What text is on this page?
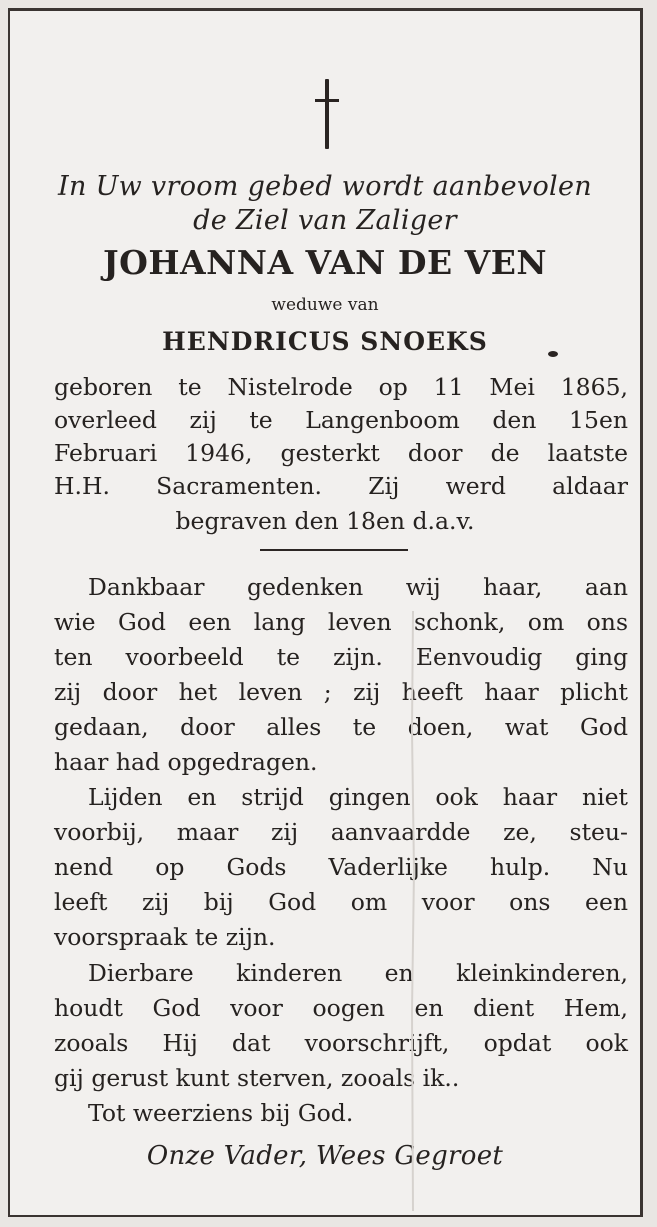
In Uw vroom gebed wordt aanbevolen
de Ziel van Zaliger
JOHANNA VAN DE VEN
weduwe van
HENDRICUS SNOEKS
geboren te Nistelrode op 11 Mei 1865,
overleed zij te Langenboom den 15en
Februari 1946, gesterkt door de laatste
H.H. Sacramenten. Zij werd aldaar
begraven den 18en d.a.v.
Dankbaar gedenken wij haar, aan
wie God een lang leven schonk, om ons
ten voorbeeld te zijn. Eenvoudig ging
zij door het leven ; zij heeft haar plicht
gedaan, door alles te doen, wat God
haar had opgedragen.
Lijden en strijd gingen ook haar niet
voorbij, maar zij aanvaardde ze, steu-
nend op Gods Vaderlijke hulp. Nu
leeft zij bij God om voor ons een
voorspraak te zijn.
Dierbare kinderen en kleinkinderen,
houdt God voor oogen en dient Hem,
zooals Hij dat voorschrijft, opdat ook
gij gerust kunt sterven, zooals ik..
Tot weerziens bij God.
Onze Vader, Wees Gegroet
